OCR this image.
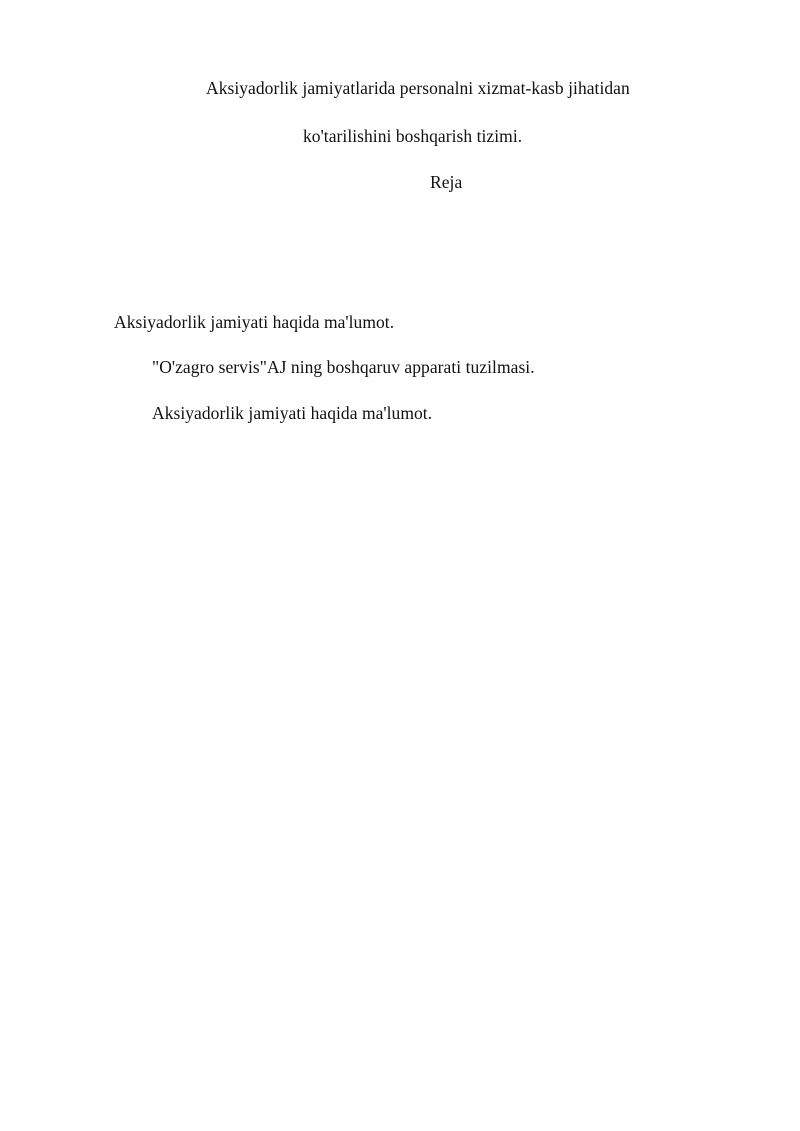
Aksiyadorlik jamiyatlarida personalni xizmat-kasb jihatidan
ko'tarilishini boshqarish tizimi.
Reja
Aksiyadorlik jamiyati haqida ma'lumot.
"O'zagro servis"AJ ning boshqaruv apparati tuzilmasi.
Aksiyadorlik jamiyati haqida ma'lumot.
